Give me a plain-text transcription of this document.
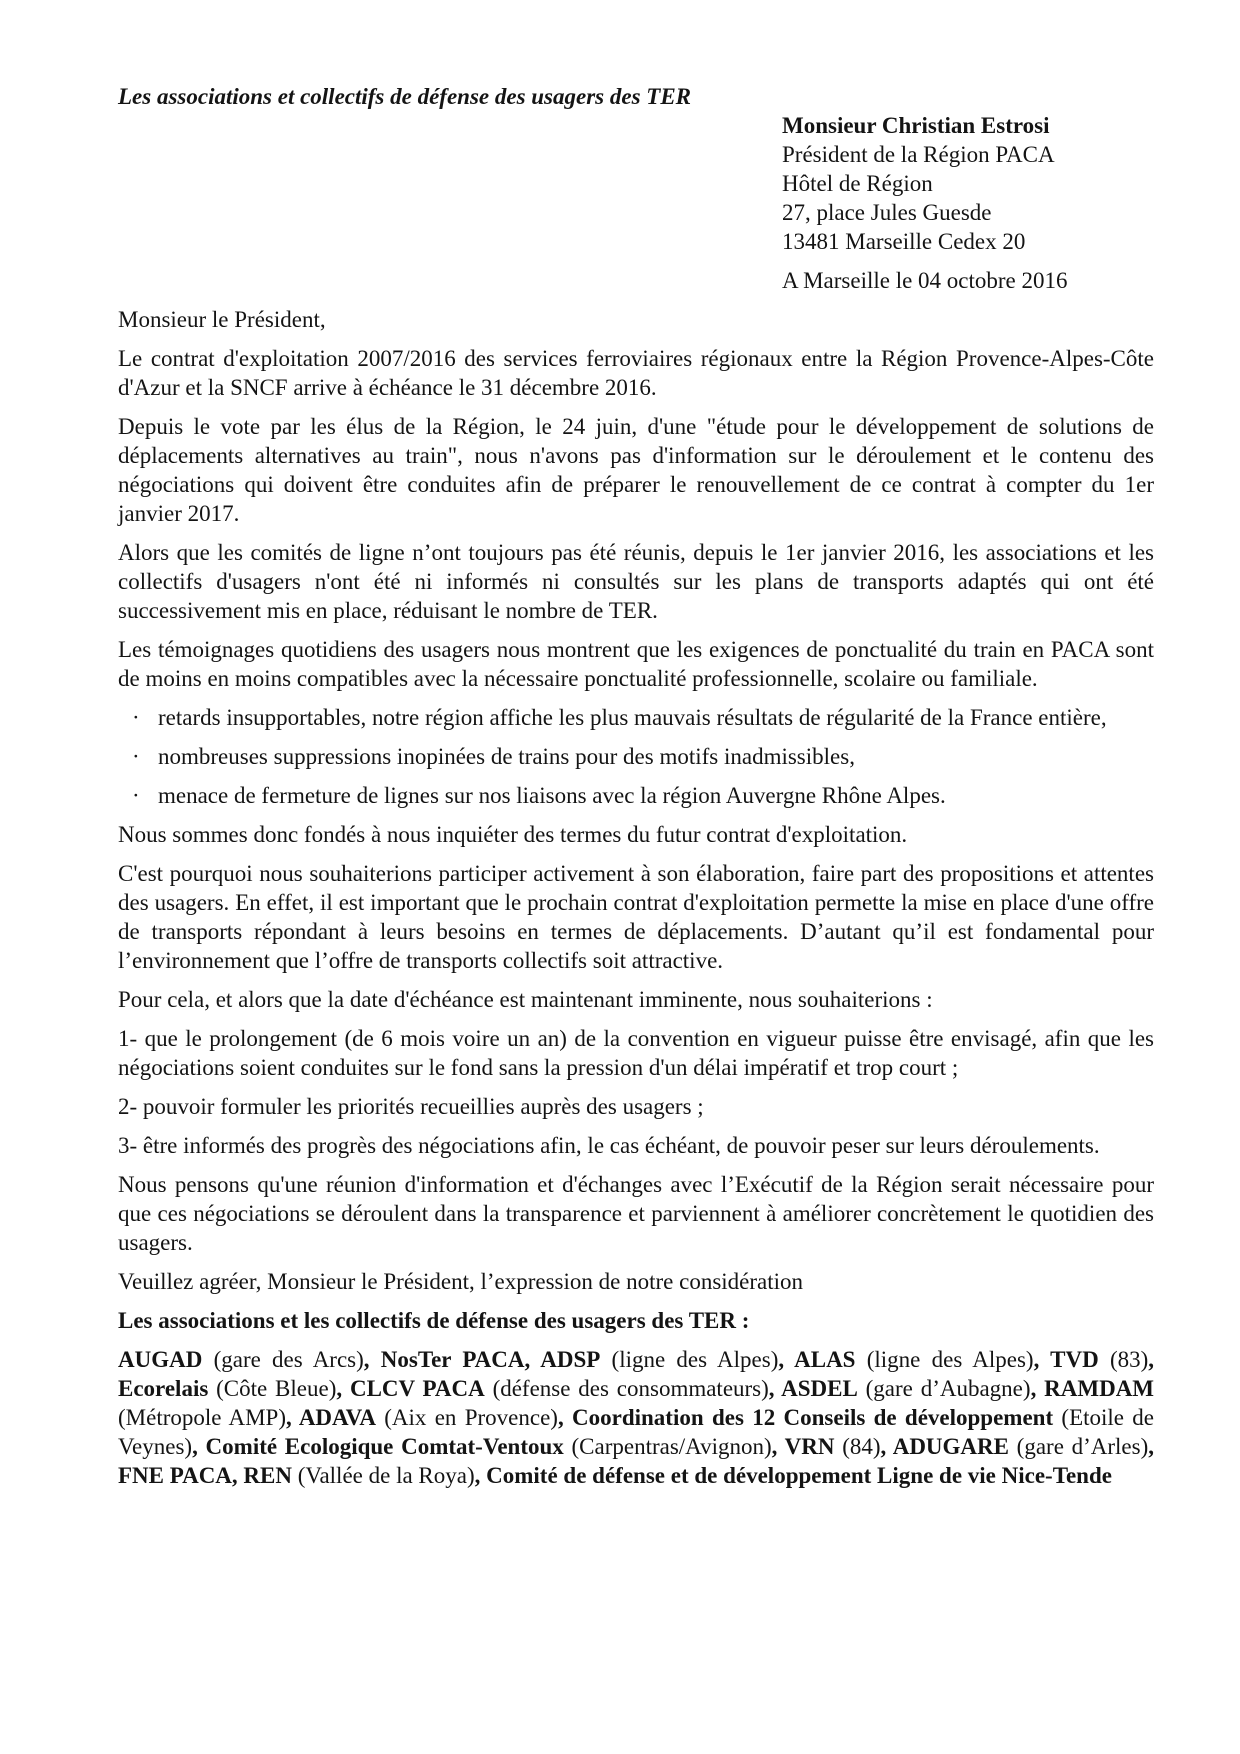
Les associations et collectifs de défense des usagers des TER
Monsieur Christian Estrosi
Président de la Région PACA
Hôtel de Région
27, place Jules Guesde
13481 Marseille Cedex 20
A Marseille le 04 octobre 2016
Monsieur le Président,

Le contrat d'exploitation 2007/2016 des services ferroviaires régionaux entre la Région Provence-Alpes-Côte d'Azur et la SNCF arrive à échéance le 31 décembre 2016.

Depuis le vote par les élus de la Région, le 24 juin, d'une "étude pour le développement de solutions de déplacements alternatives au train", nous n'avons pas d'information sur le déroulement et le contenu des négociations qui doivent être conduites afin de préparer le renouvellement de ce contrat à compter du 1er janvier 2017.

Alors que les comités de ligne n’ont toujours pas été réunis, depuis le 1er janvier 2016, les associations et les collectifs d'usagers n'ont été ni informés ni consultés sur les plans de transports adaptés qui ont été successivement mis en place, réduisant le nombre de TER.

Les témoignages quotidiens des usagers nous montrent que les exigences de ponctualité du train en PACA sont de moins en moins compatibles avec la nécessaire ponctualité professionnelle, scolaire ou familiale.

· retards insupportables, notre région affiche les plus mauvais résultats de régularité de la France entière,
· nombreuses suppressions inopinées de trains pour des motifs inadmissibles,
· menace de fermeture de lignes sur nos liaisons avec la région Auvergne Rhône Alpes.

Nous sommes donc fondés à nous inquiéter des termes du futur contrat d'exploitation.

C'est pourquoi nous souhaiterions participer activement à son élaboration, faire part des propositions et attentes des usagers. En effet, il est important que le prochain contrat d'exploitation permette la mise en place d'une offre de transports répondant à leurs besoins en termes de déplacements. D’autant qu’il est fondamental pour l’environnement que l’offre de transports collectifs soit attractive.

Pour cela, et alors que la date d'échéance est maintenant imminente, nous souhaiterions :

1- que le prolongement (de 6 mois voire un an) de la convention en vigueur puisse être envisagé, afin que les négociations soient conduites sur le fond sans la pression d'un délai impératif et trop court ;

2- pouvoir formuler les priorités recueillies auprès des usagers ;

3- être informés des progrès des négociations afin, le cas échéant, de pouvoir peser sur leurs déroulements.

Nous pensons qu'une réunion d'information et d'échanges avec l’Exécutif de la Région serait nécessaire pour que ces négociations se déroulent dans la transparence et parviennent à améliorer concrètement le quotidien des usagers.

Veuillez agréer, Monsieur le Président, l’expression de notre considération

Les associations et les collectifs de défense des usagers des TER :
AUGAD (gare des Arcs), NosTer PACA, ADSP (ligne des Alpes), ALAS (ligne des Alpes), TVD (83), Ecorelais (Côte Bleue), CLCV PACA (défense des consommateurs), ASDEL (gare d’Aubagne), RAMDAM (Métropole AMP), ADAVA (Aix en Provence), Coordination des 12 Conseils de développement (Etoile de Veynes), Comité Ecologique Comtat-Ventoux (Carpentras/Avignon), VRN (84), ADUGARE (gare d’Arles), FNE PACA, REN (Vallée de la Roya), Comité de défense et de développement Ligne de vie Nice-Tende
